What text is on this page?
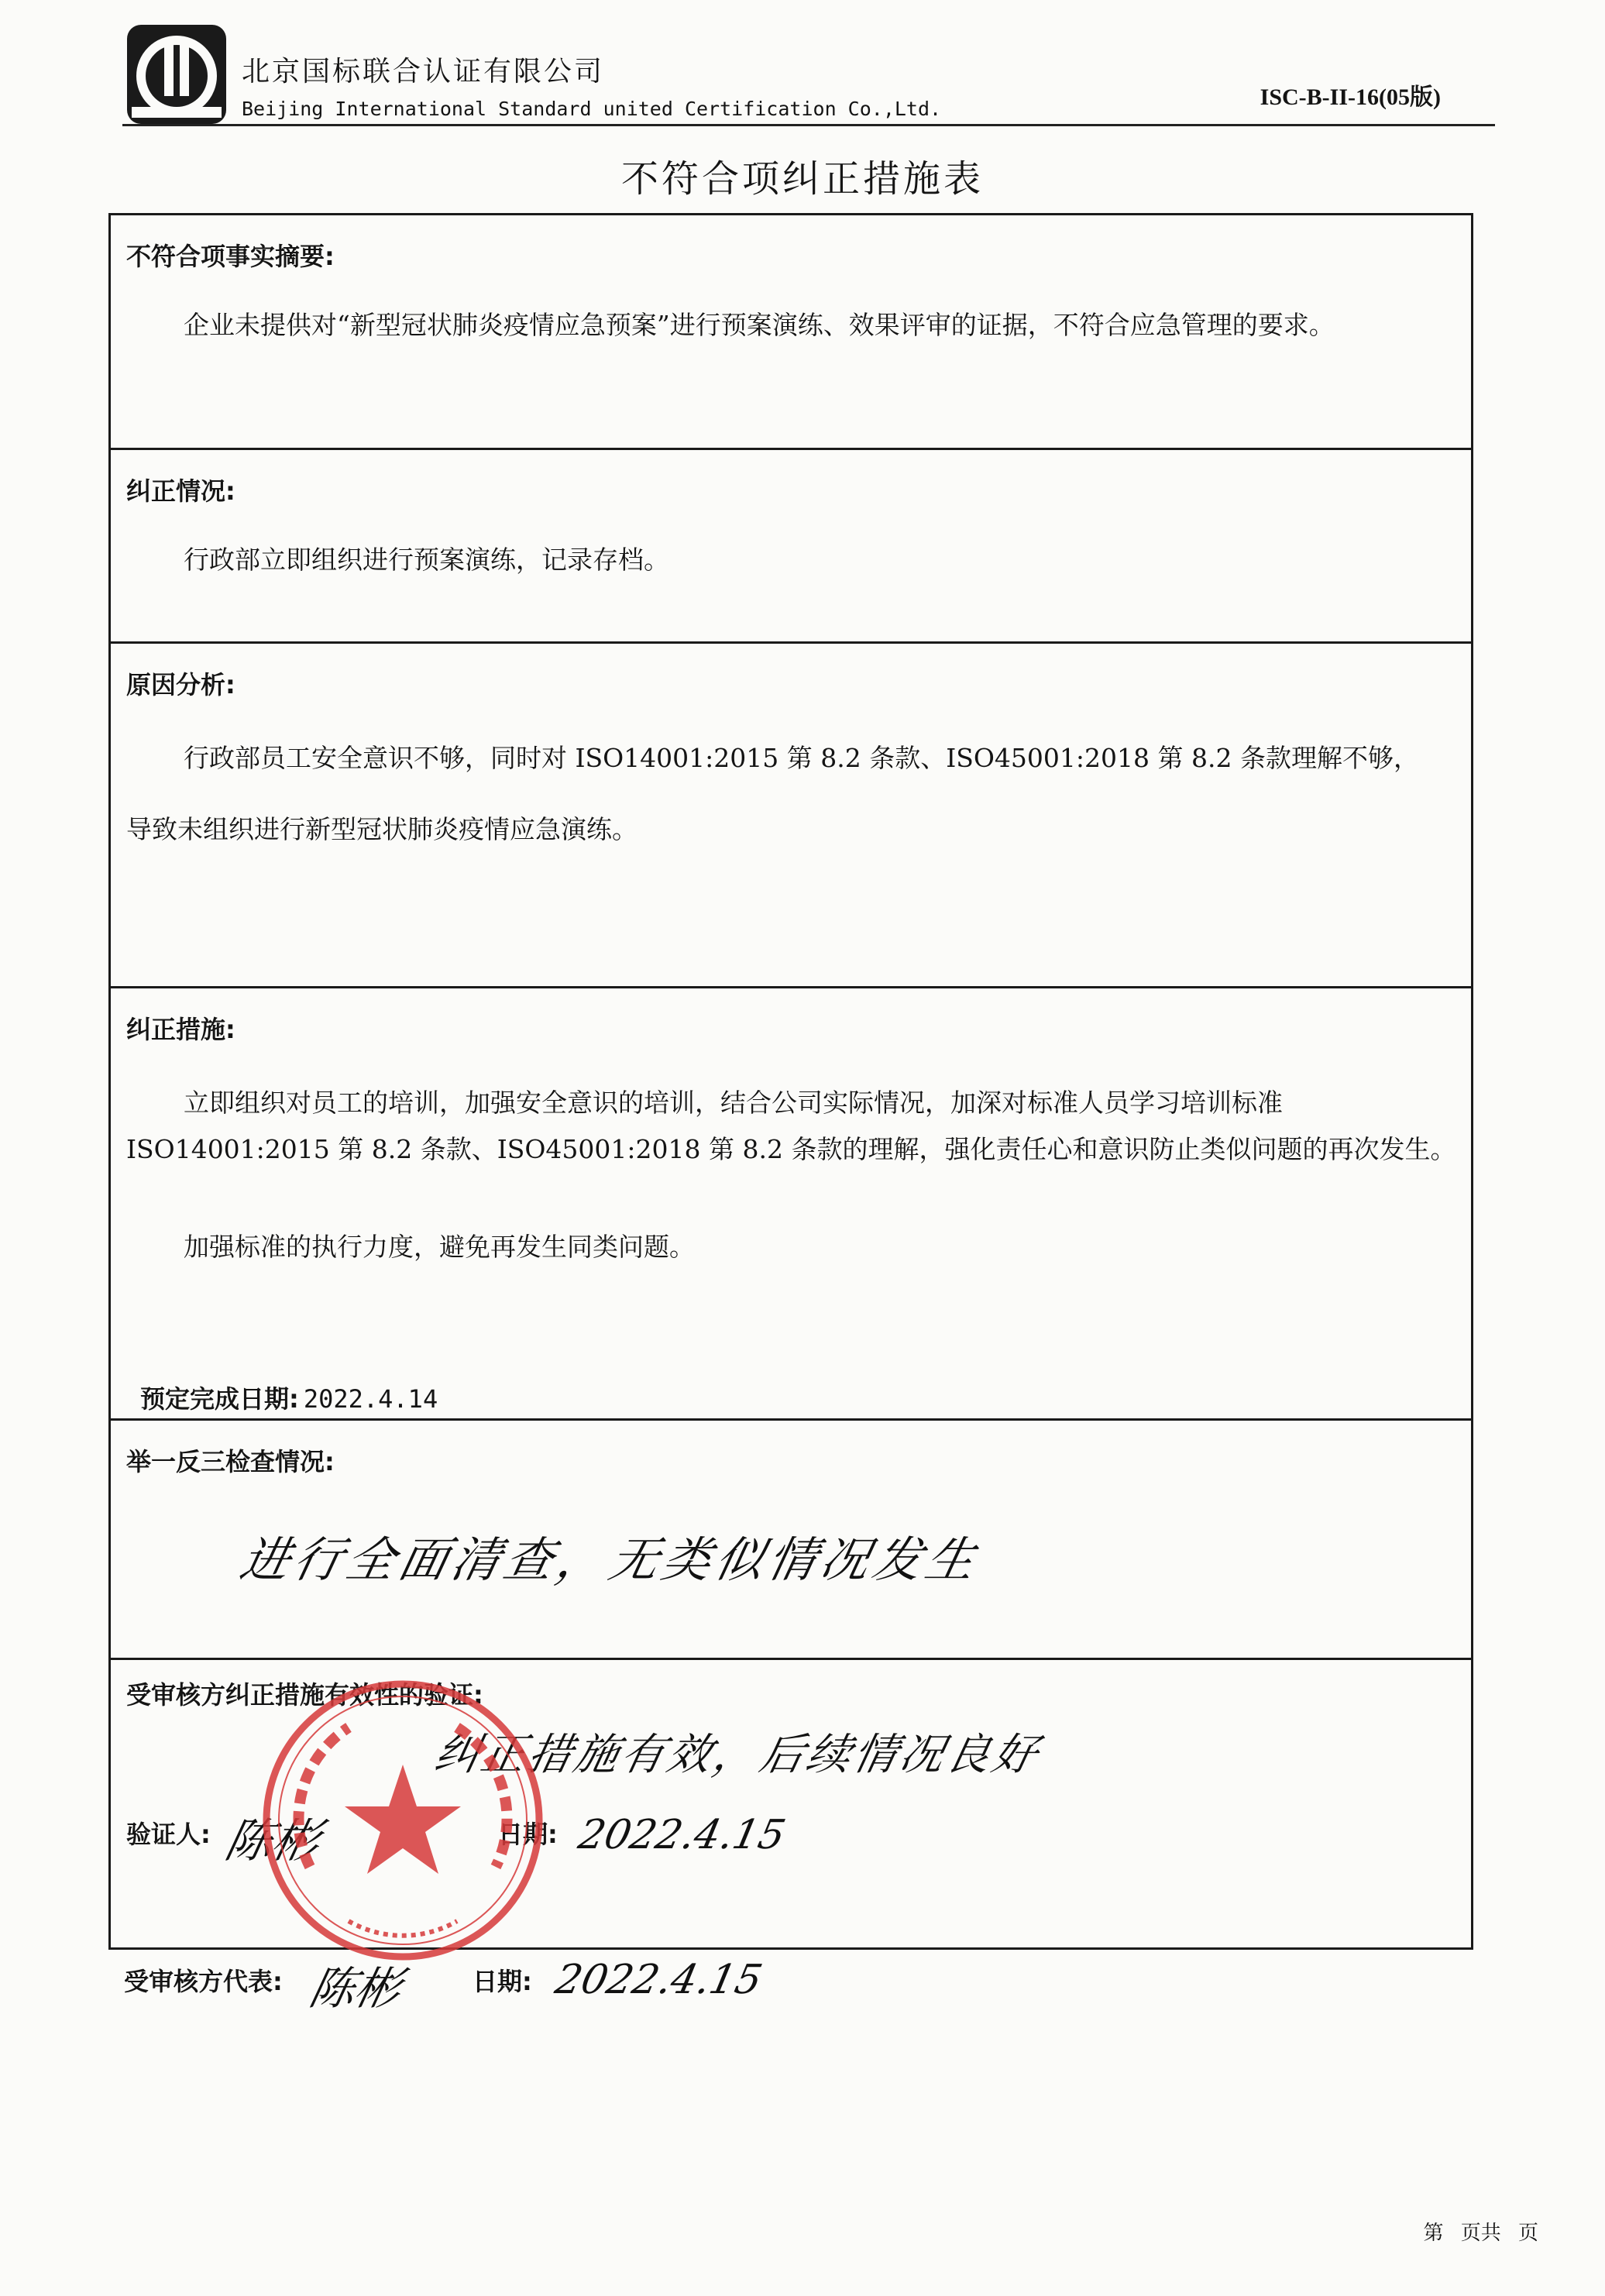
北京国标联合认证有限公司
Beijing International Standard united Certification Co.,Ltd.	ISC-B-II-16(05版)
不符合项纠正措施表
不符合项事实摘要:
企业未提供对“新型冠状肺炎疫情应急预案”进行预案演练、效果评审的证据，不符合应急管理的要求。
纠正情况:
行政部立即组织进行预案演练，记录存档。
原因分析:
行政部员工安全意识不够，同时对 ISO14001:2015 第 8.2 条款、ISO45001:2018 第 8.2 条款理解不够，
导致未组织进行新型冠状肺炎疫情应急演练。
纠正措施:
立即组织对员工的培训，加强安全意识的培训，结合公司实际情况，加深对标准人员学习培训标准 ISO14001:2015 第 8.2 条款、ISO45001:2018 第 8.2 条款的理解，强化责任心和意识防止类似问题的再次发生。
加强标准的执行力度，避免再发生同类问题。
预定完成日期: 2022.4.14
举一反三检查情况:
进行全面清查，无类似情况发生
受审核方纠正措施有效性的验证:
纠正措施有效，后续情况良好
验证人: 陈彬	日期: 2022.4.15
受审核方代表: 陈彬	日期: 2022.4.15
第 页共 页
